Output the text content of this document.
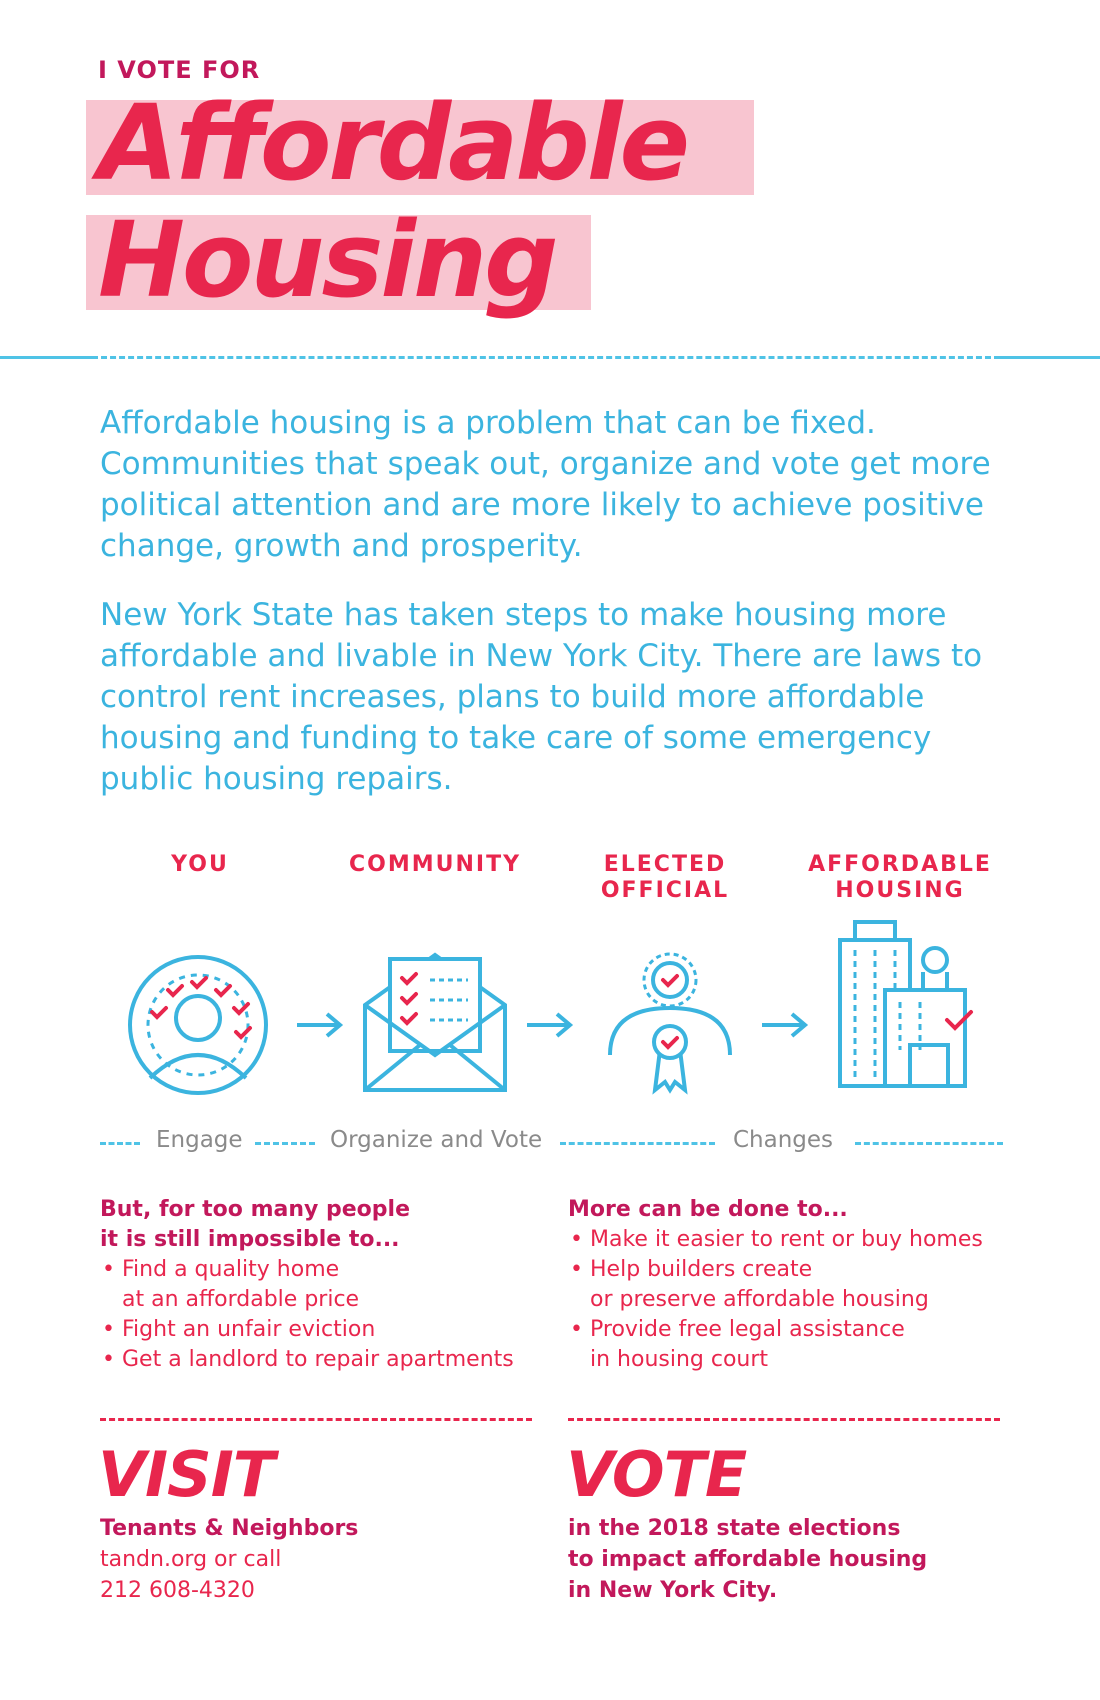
I VOTE FOR
Affordable
Housing
Affordable housing is a problem that can be fixed. Communities that speak out, organize and vote get more political attention and are more likely to achieve positive change, growth and prosperity.
New York State has taken steps to make housing more affordable and livable in New York City. There are laws to control rent increases, plans to build more affordable housing and funding to take care of some emergency public housing repairs.
YOU	COMMUNITY	ELECTED
OFFICIAL
AFFORDABLE
HOUSING
Engage	Organize and Vote	Changes
But, for too many people
it is still impossible to...
• Find a quality home
at an affordable price
• Fight an unfair eviction
• Get a landlord to repair apartments
More can be done to...
• Make it easier to rent or buy homes
• Help builders create
or preserve affordable housing
• Provide free legal assistance
in housing court
VISIT
Tenants & Neighbors
tandn.org or call
212 608-4320
VOTE
in the 2018 state elections
to impact affordable housing
in New York City.
